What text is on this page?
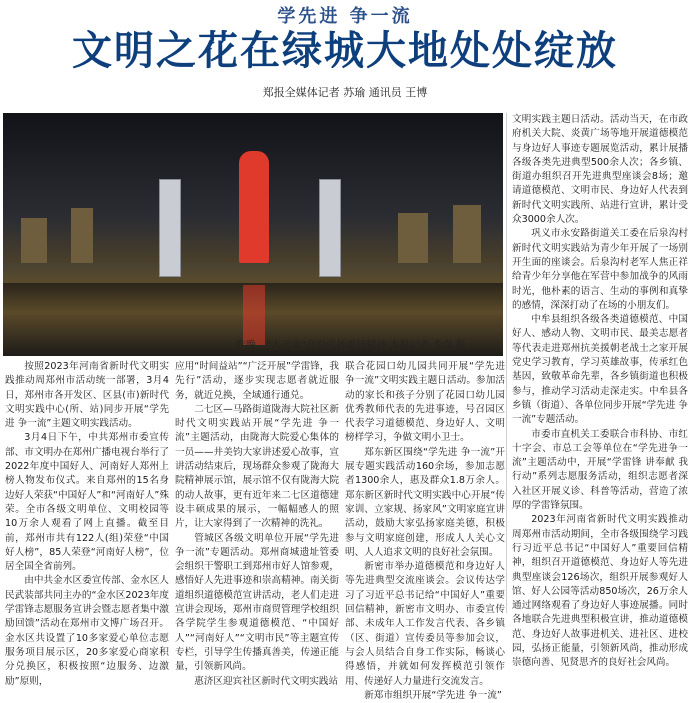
学先进 争一流
文明之花在绿城大地处处绽放
郑报全媒体记者 苏瑜 通讯员 王博
昨晚，“大玉米”亮灯弘扬雷锋精神 本报记者 李焱 摄

文明实践主题日活动。活动当天，在市政府机关大院、炎黄广场等地开展道德模范与身边好人事迹专题展览活动，累计展播各级各类先进典型500余人次；各乡镇、街道办组织召开先进典型座谈会8场；邀请道德模范、文明市民、身边好人代表到新时代文明实践所、站进行宣讲，累计受众3000余人次。

巩义市永安路街道关工委在后泉沟村新时代文明实践站为青少年开展了一场别开生面的座谈会。后泉沟村老军人焦正祥给青少年分享他在军营中参加战争的风雨时光，他朴素的语言、生动的事例和真挚的感情，深深打动了在场的小朋友们。

中牟县组织各级各类道德模范、中国好人、感动人物、文明市民、最美志愿者等代表走进郑州抗美援朝老战士之家开展党史学习教育，学习英雄故事，传承红色基因，致敬革命先辈，各乡镇街道也积极参与，推动学习活动走深走实。中牟县各乡镇（街道）、各单位同步开展“学先进 争一流”专题活动。

市委市直机关工委联合市科协、市红十字会、市总工会等单位在“学先进争一流”主题活动中，开展“学雷锋 讲奉献 我行动”系列志愿服务活动，组织志愿者深入社区开展义诊、科普等活动，营造了浓厚的学雷锋氛围。

2023年河南省新时代文明实践推动周郑州市活动期间，全市各级围绕学习践行习近平总书记“中国好人”重要回信精神，组织召开道德模范、身边好人等先进典型座谈会126场次，组织开展参观好人馆、好人公园等活动850场次，26万余人通过网络观看了身边好人事迹展播。同时各地联合先进典型积极宣讲，推动道德模范、身边好人故事进机关、进社区、进校园，弘扬正能量，引领新风尚，推动形成崇德向善、见贤思齐的良好社会风尚。

按照2023年河南省新时代文明实践推动周郑州市活动统一部署，3月4日，郑州市各开发区、区县(市)新时代文明实践中心(所、站)同步开展“学先进 争一流”主题文明实践活动。

3月4日下午，中共郑州市委宣传部、市文明办在郑州广播电视台举行了2022年度中国好人、河南好人郑州上榜人物发布仪式。来自郑州的15名身边好人荣获“中国好人”和“河南好人”殊荣。全市各级文明单位、文明校园等10万余人观看了网上直播。截至目前，郑州市共有122人(组)荣登“中国好人榜”，85人荣登“河南好人榜”，位居全国全省前列。

由中共金水区委宣传部、金水区人民武装部共同主办的“金水区2023年度学雷锋志愿服务宣讲会暨志愿者集中激励回馈”活动在郑州市文博广场召开。金水区共设置了10多家爱心单位志愿服务项目展示区，20多家爱心商家积分兑换区，积极按照“边服务、边激励”原则，

应用“时间益站”“广泛开展”学雷锋，我先行”活动，逐步实现志愿者就近服务，就近兑换，全域通行通兑。

二七区—马路街道陇海大院社区新时代文明实践站开展“学先进 争一流”主题活动，由陇海大院爱心集体的一员——井美钧大家讲述爱心故事，宣讲活动结束后，现场群众参观了陇海大院精神展示馆，展示馆不仅有陇海大院的动人故事，更有近年来二七区道德建设丰硕成果的展示，一幅幅感人的照片，让大家得到了一次精神的洗礼。

管城区各级文明单位开展“学先进 争一流”专题活动。郑州商城遗址管委会组织干警职工到郑州市好人馆参观，感悟好人先进事迹和崇高精神。南关街道组织道德模范宣讲活动，老人们走进宣讲会现场，郑州市商贸管理学校组织各学院学生参观道德模范、“中国好人”“河南好人”“文明市民”等主题宣传专栏，引导学生传播真善美，传递正能量，引领新风尚。

惠济区迎宾社区新时代文明实践站

联合花园口幼儿园共同开展“学先进 争一流”文明实践主题日活动。参加活动的家长和孩子分别了花园口幼儿园优秀教师代表的先进事迹，号召园区代表学习道德模范、身边好人、文明榜样学习，争做文明小卫士。

郑东新区围绕“学先进 争一流”开展专题实践活动160余场，参加志愿者1300余人，惠及群众1.8万余人。郑东新区新时代文明实践中心开展“传家训、立家规、扬家风”文明家庭宣讲活动，鼓励大家弘扬家庭美德，积极参与文明家庭创建，形成人人关心文明、人人追求文明的良好社会氛围。

新密市举办道德模范和身边好人等先进典型交流座谈会。会议传达学习了习近平总书记给“中国好人”重要回信精神，新密市文明办、市委宣传部、未成年人工作发言代表、各乡镇（区、街道）宣传委员等参加会议，与会人员结合自身工作实际，畅谈心得感悟，并就如何发挥模范引领作用、传递好人力量进行交流发言。

新郑市组织开展“学先进 争一流”
